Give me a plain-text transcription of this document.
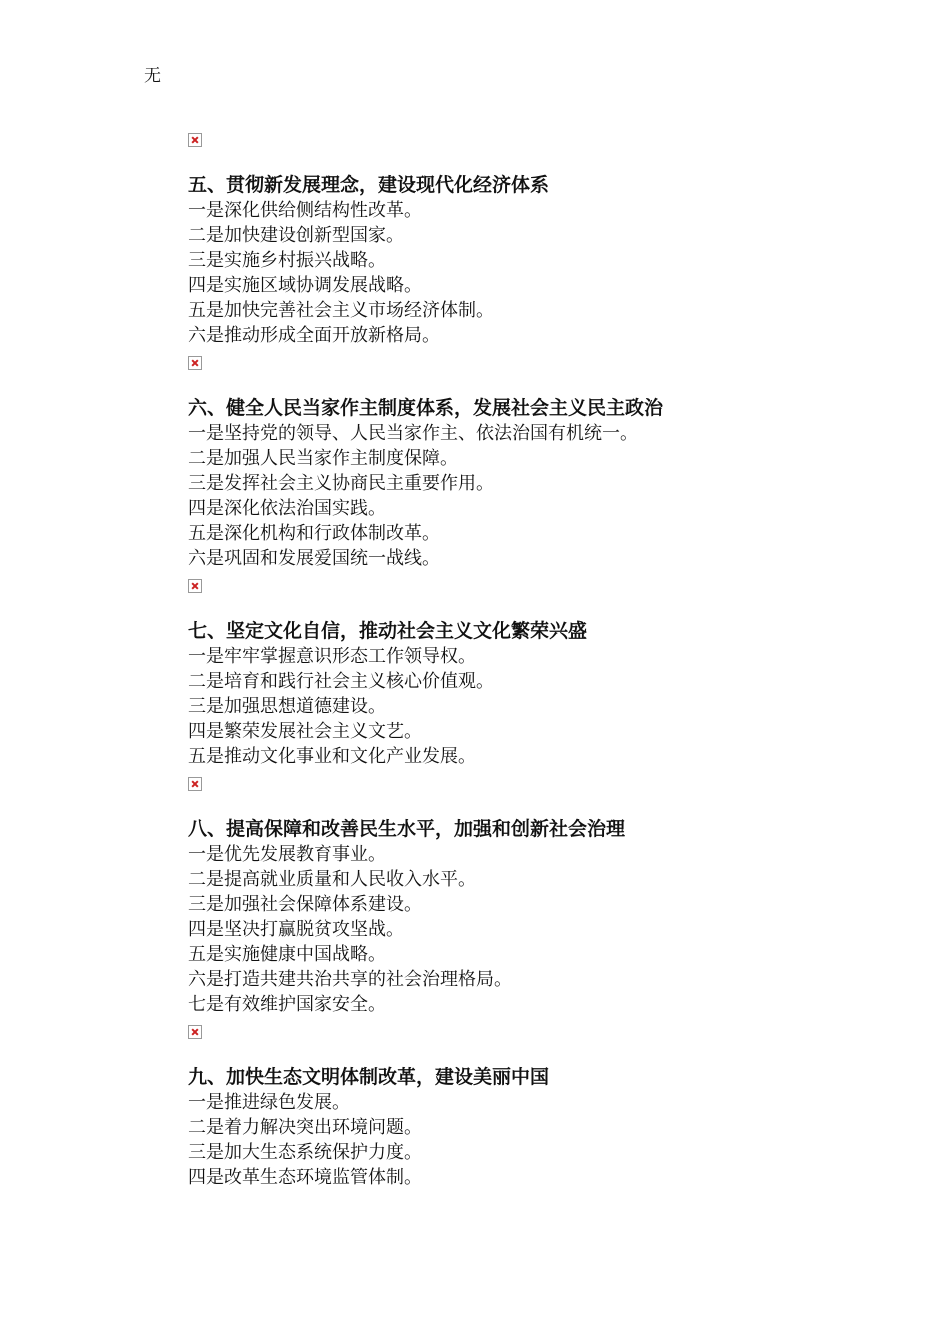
无

五、贯彻新发展理念，建设现代化经济体系

一是深化供给侧结构性改革。

二是加快建设创新型国家。

三是实施乡村振兴战略。

四是实施区域协调发展战略。

五是加快完善社会主义市场经济体制。

六是推动形成全面开放新格局。

六、健全人民当家作主制度体系，发展社会主义民主政治

一是坚持党的领导、人民当家作主、依法治国有机统一。

二是加强人民当家作主制度保障。

三是发挥社会主义协商民主重要作用。

四是深化依法治国实践。

五是深化机构和行政体制改革。

六是巩固和发展爱国统一战线。

七、坚定文化自信，推动社会主义文化繁荣兴盛

一是牢牢掌握意识形态工作领导权。

二是培育和践行社会主义核心价值观。

三是加强思想道德建设。

四是繁荣发展社会主义文艺。

五是推动文化事业和文化产业发展。

八、提高保障和改善民生水平，加强和创新社会治理

一是优先发展教育事业。

二是提高就业质量和人民收入水平。

三是加强社会保障体系建设。

四是坚决打赢脱贫攻坚战。

五是实施健康中国战略。

六是打造共建共治共享的社会治理格局。

七是有效维护国家安全。

九、加快生态文明体制改革，建设美丽中国

一是推进绿色发展。

二是着力解决突出环境问题。

三是加大生态系统保护力度。

四是改革生态环境监管体制。
